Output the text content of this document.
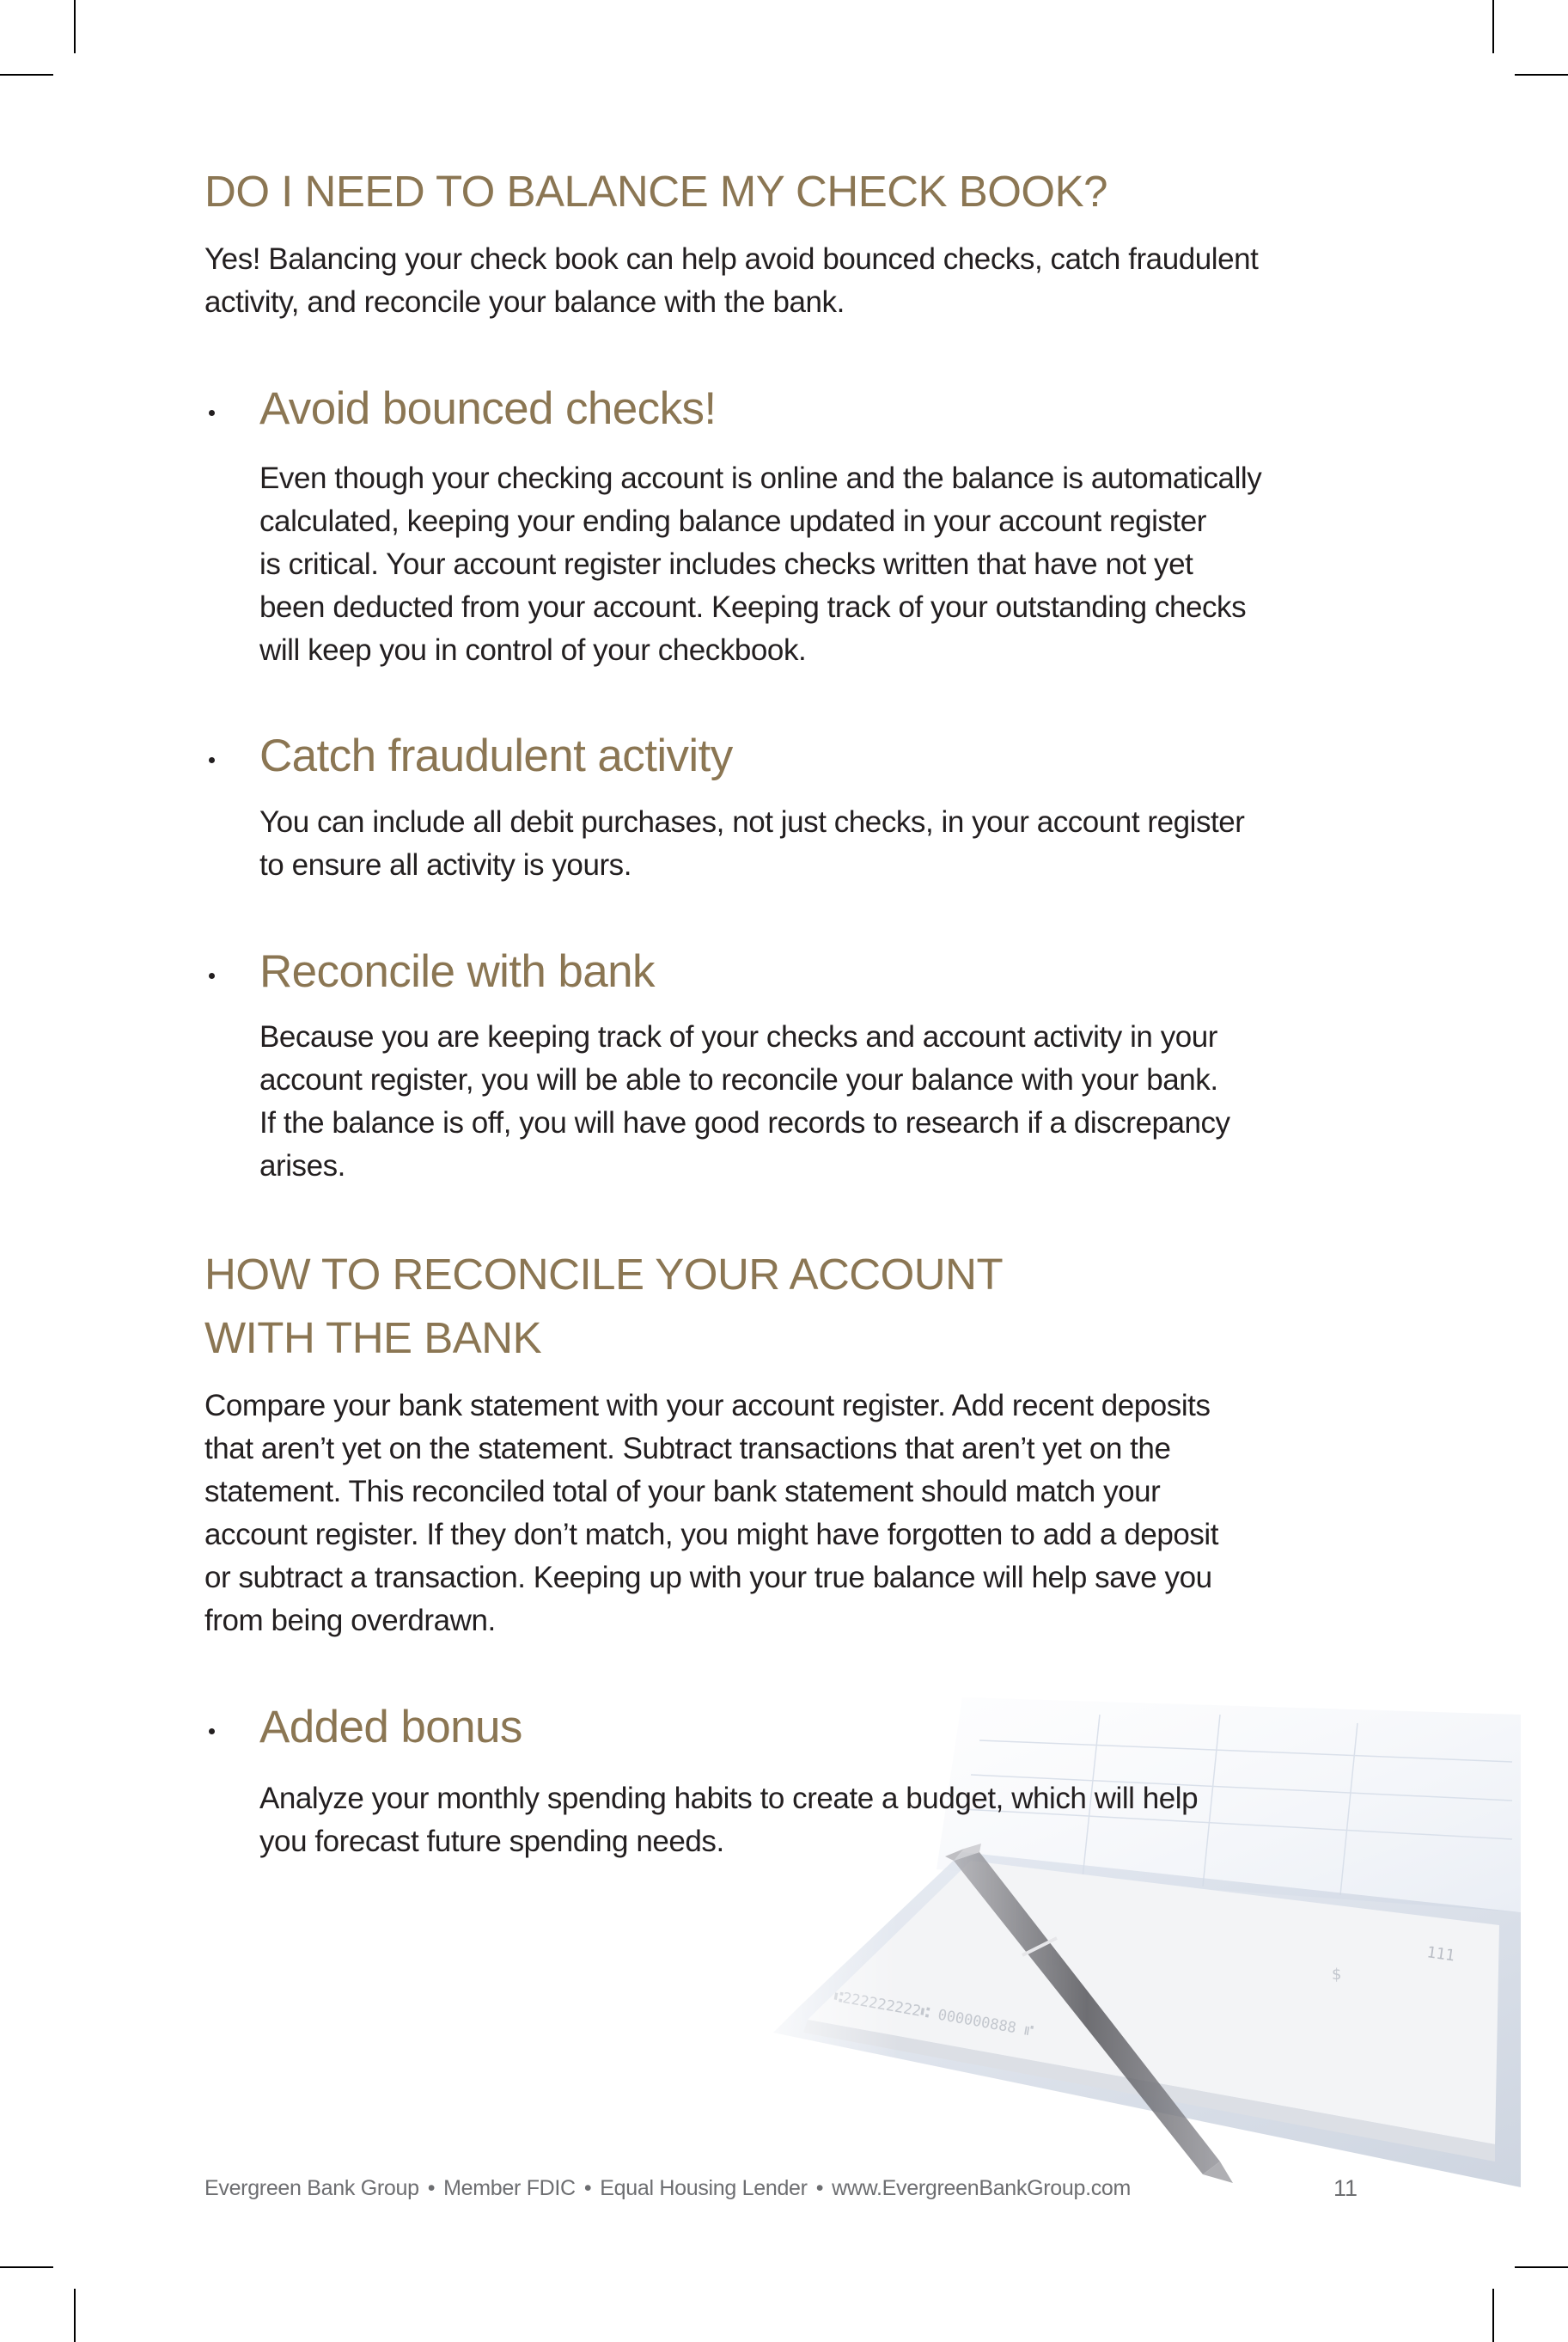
DO I NEED TO BALANCE MY CHECK BOOK?
Yes! Balancing your check book can help avoid bounced checks, catch fraudulent
activity, and reconcile your balance with the bank.
Avoid bounced checks!
Even though your checking account is online and the balance is automatically
calculated, keeping your ending balance updated in your account register
is critical. Your account register includes checks written that have not yet
been deducted from your account. Keeping track of your outstanding checks
will keep you in control of your checkbook.
Catch fraudulent activity
You can include all debit purchases, not just checks, in your account register
to ensure all activity is yours.
Reconcile with bank
Because you are keeping track of your checks and account activity in your
account register, you will be able to reconcile your balance with your bank.
If the balance is off, you will have good records to research if a discrepancy
arises.
HOW TO RECONCILE YOUR ACCOUNT
WITH THE BANK
Compare your bank statement with your account register. Add recent deposits
that aren’t yet on the statement. Subtract transactions that aren’t yet on the
statement. This reconciled total of your bank statement should match your
account register. If they don’t match, you might have forgotten to add a deposit
or subtract a transaction. Keeping up with your true balance will help save you
from being overdrawn.
Added bonus
Analyze your monthly spending habits to create a budget, which will help
you forecast future spending needs.
Evergreen Bank Group • Member FDIC • Equal Housing Lender • www.EvergreenBankGroup.com	11
